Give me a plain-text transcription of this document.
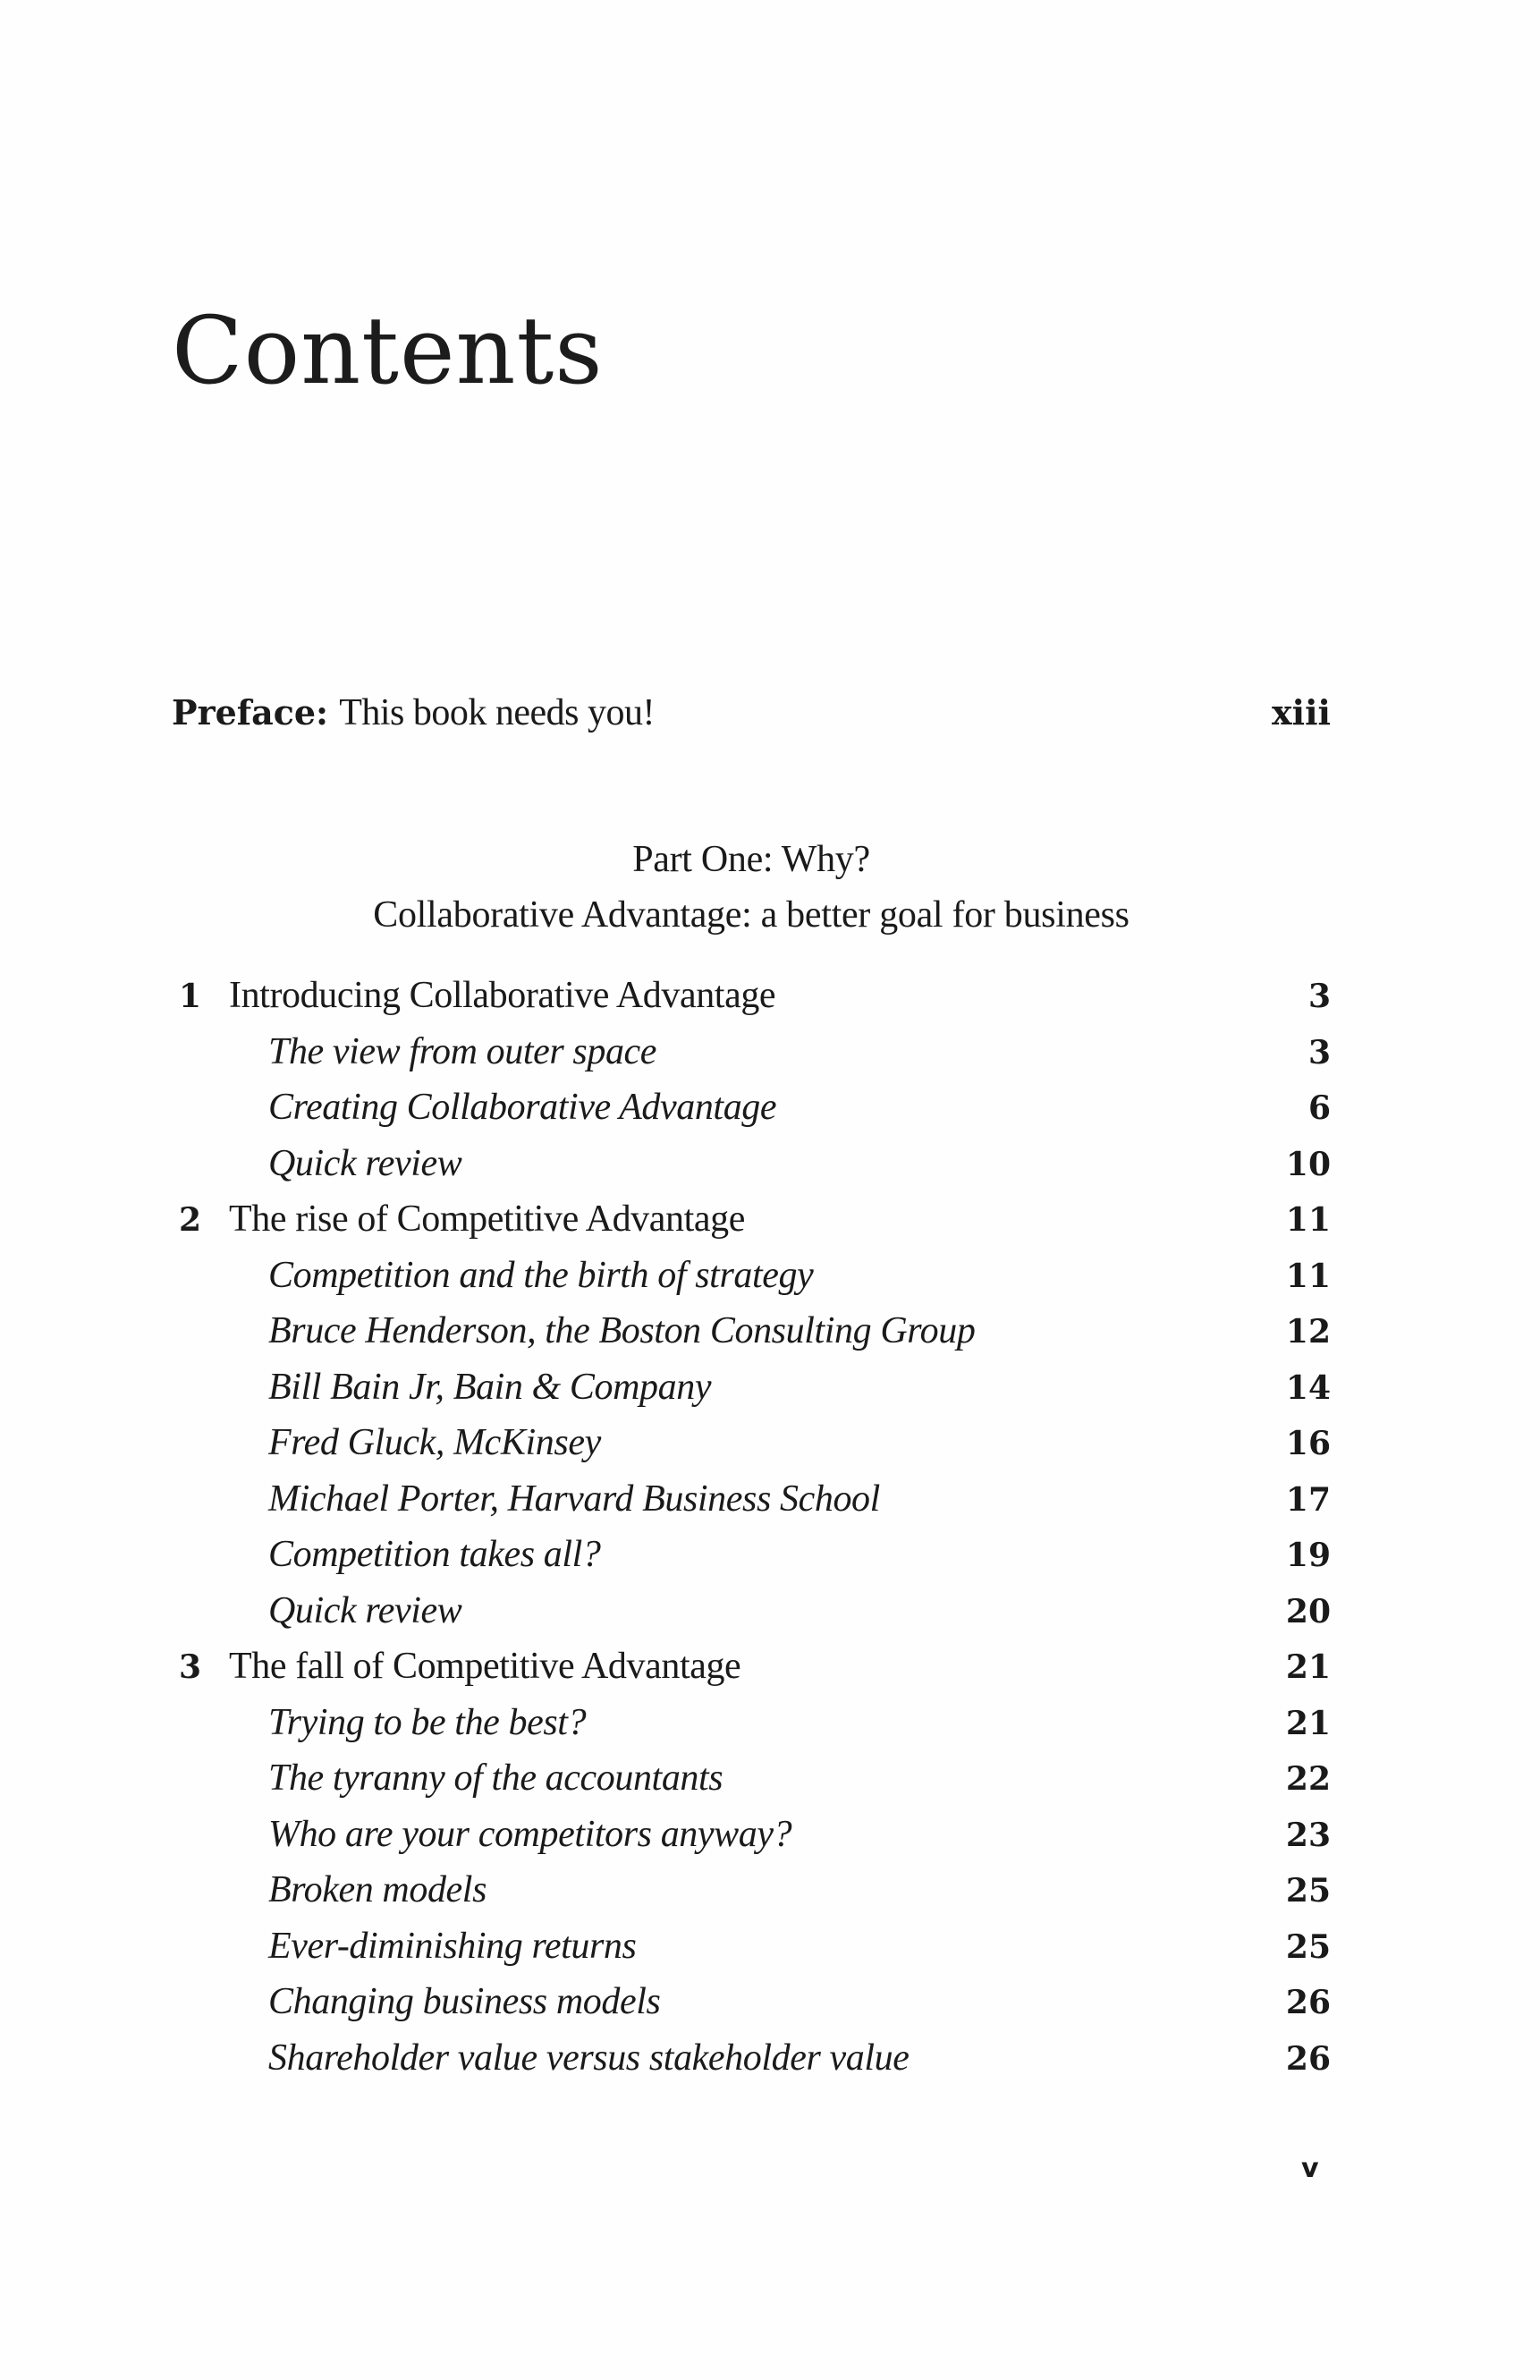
Contents
Preface: This book needs you!	xiii
Part One: Why?
Collaborative Advantage: a better goal for business
1 Introducing Collaborative Advantage	3
The view from outer space	3
Creating Collaborative Advantage	6
Quick review	10
2 The rise of Competitive Advantage	11
Competition and the birth of strategy	11
Bruce Henderson, the Boston Consulting Group	12
Bill Bain Jr, Bain & Company	14
Fred Gluck, McKinsey	16
Michael Porter, Harvard Business School	17
Competition takes all?	19
Quick review	20
3 The fall of Competitive Advantage	21
Trying to be the best?	21
The tyranny of the accountants	22
Who are your competitors anyway?	23
Broken models	25
Ever-diminishing returns	25
Changing business models	26
Shareholder value versus stakeholder value	26
v
